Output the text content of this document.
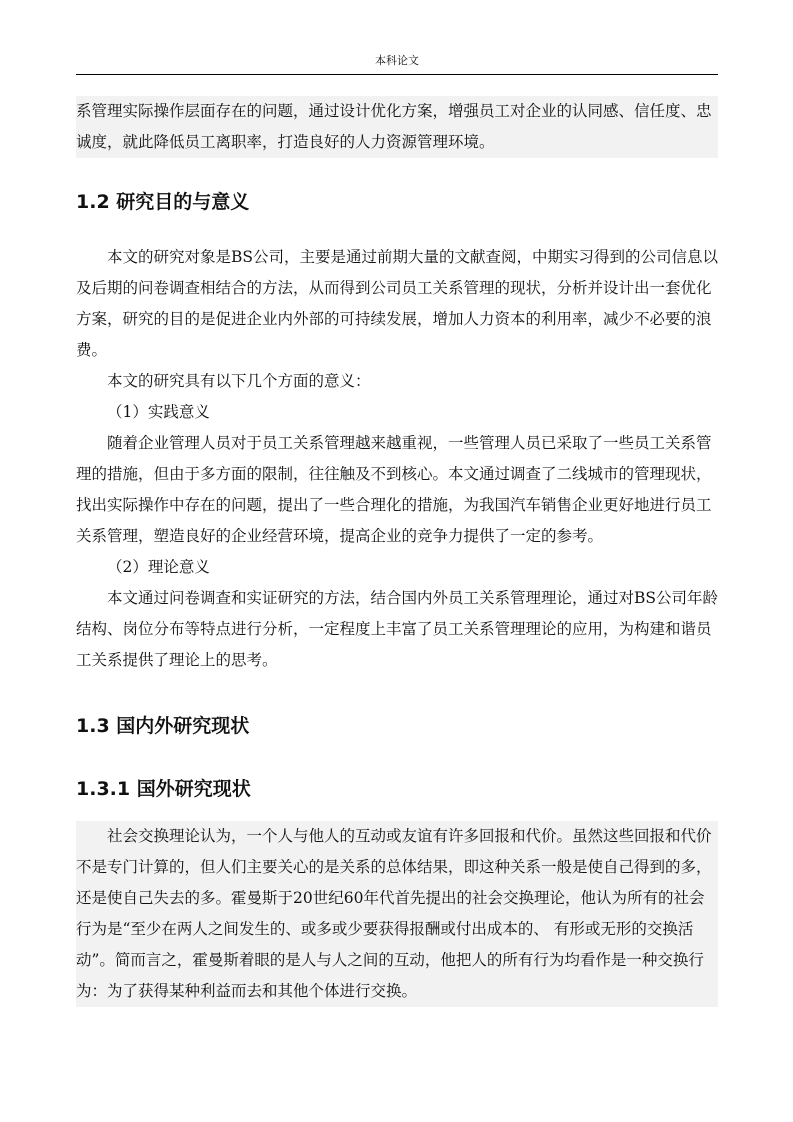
本科论文

系管理实际操作层面存在的问题，通过设计优化方案，增强员工对企业的认同感、信任度、忠诚度，就此降低员工离职率，打造良好的人力资源管理环境。

1.2 研究目的与意义

本文的研究对象是BS公司，主要是通过前期大量的文献查阅，中期实习得到的公司信息以及后期的问卷调查相结合的方法，从而得到公司员工关系管理的现状，分析并设计出一套优化方案，研究的目的是促进企业内外部的可持续发展，增加人力资本的利用率，减少不必要的浪费。

本文的研究具有以下几个方面的意义：

（1）实践意义

随着企业管理人员对于员工关系管理越来越重视，一些管理人员已采取了一些员工关系管理的措施，但由于多方面的限制，往往触及不到核心。本文通过调查了二线城市的管理现状，找出实际操作中存在的问题，提出了一些合理化的措施，为我国汽车销售企业更好地进行员工关系管理，塑造良好的企业经营环境，提高企业的竞争力提供了一定的参考。

（2）理论意义

本文通过问卷调查和实证研究的方法，结合国内外员工关系管理理论，通过对BS公司年龄结构、岗位分布等特点进行分析，一定程度上丰富了员工关系管理理论的应用，为构建和谐员工关系提供了理论上的思考。

1.3 国内外研究现状
1.3.1 国外研究现状

社会交换理论认为，一个人与他人的互动或友谊有许多回报和代价。虽然这些回报和代价不是专门计算的，但人们主要关心的是关系的总体结果，即这种关系一般是使自己得到的多，还是使自己失去的多。霍曼斯于20世纪60年代首先提出的社会交换理论，他认为所有的社会行为是“至少在两人之间发生的、或多或少要获得报酬或付出成本的、 有形或无形的交换活动”。简而言之，霍曼斯着眼的是人与人之间的互动，他把人的所有行为均看作是一种交换行为：为了获得某种利益而去和其他个体进行交换。
